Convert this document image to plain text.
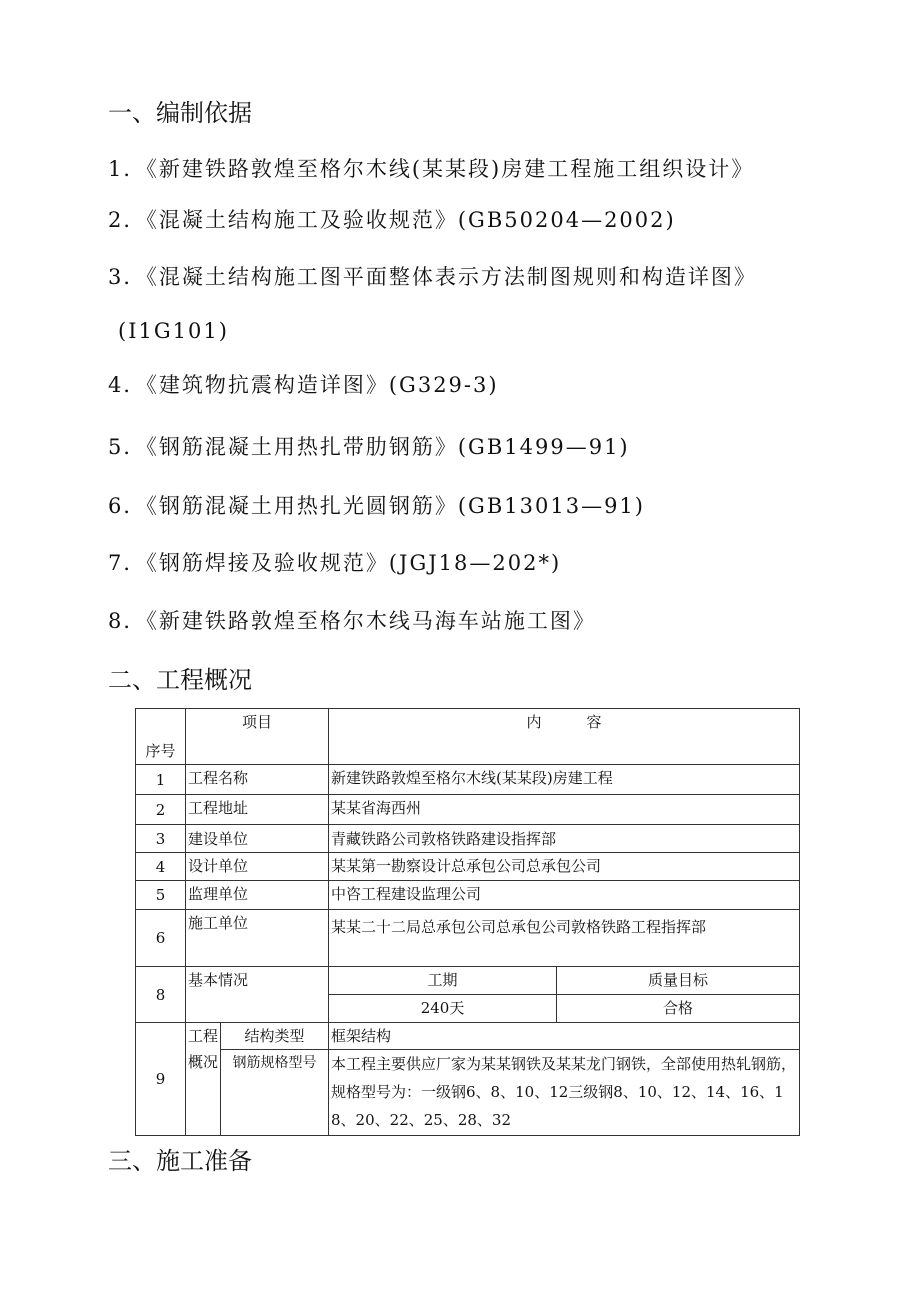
一、编制依据

1．《新建铁路敦煌至格尔木线(某某段)房建工程施工组织设计》

2．《混凝土结构施工及验收规范》(GB50204—2002)

3．《混凝土结构施工图平面整体表示方法制图规则和构造详图》

(I1G101)

4．《建筑物抗震构造详图》(G329-3)

5．《钢筋混凝土用热扎带肋钢筋》(GB1499—91)

6．《钢筋混凝土用热扎光圆钢筋》(GB13013—91)

7．《钢筋焊接及验收规范》(JGJ18—202*)

8．《新建铁路敦煌至格尔木线马海车站施工图》

二、工程概况
序号	项目		内　　　容	
1	工程名称		新建铁路敦煌至格尔木线(某某段)房建工程	
2	工程地址		某某省海西州	
3	建设单位		青藏铁路公司敦格铁路建设指挥部	
4	设计单位		某某第一勘察设计总承包公司总承包公司	
5	监理单位		中咨工程建设监理公司	
6	施工单位		某某二十二局总承包公司总承包公司敦格铁路工程指挥部	
8	基本情况		工期	质量目标
			240天	合格
9	工程概况	结构类型	框架结构	
		钢筋规格型号	本工程主要供应厂家为某某钢铁及某某龙门钢铁，全部使用热轧钢筋，规格型号为：一级钢6、8、10、12三级钢8、10、12、14、16、18、20、22、25、28、32	
三、施工准备
